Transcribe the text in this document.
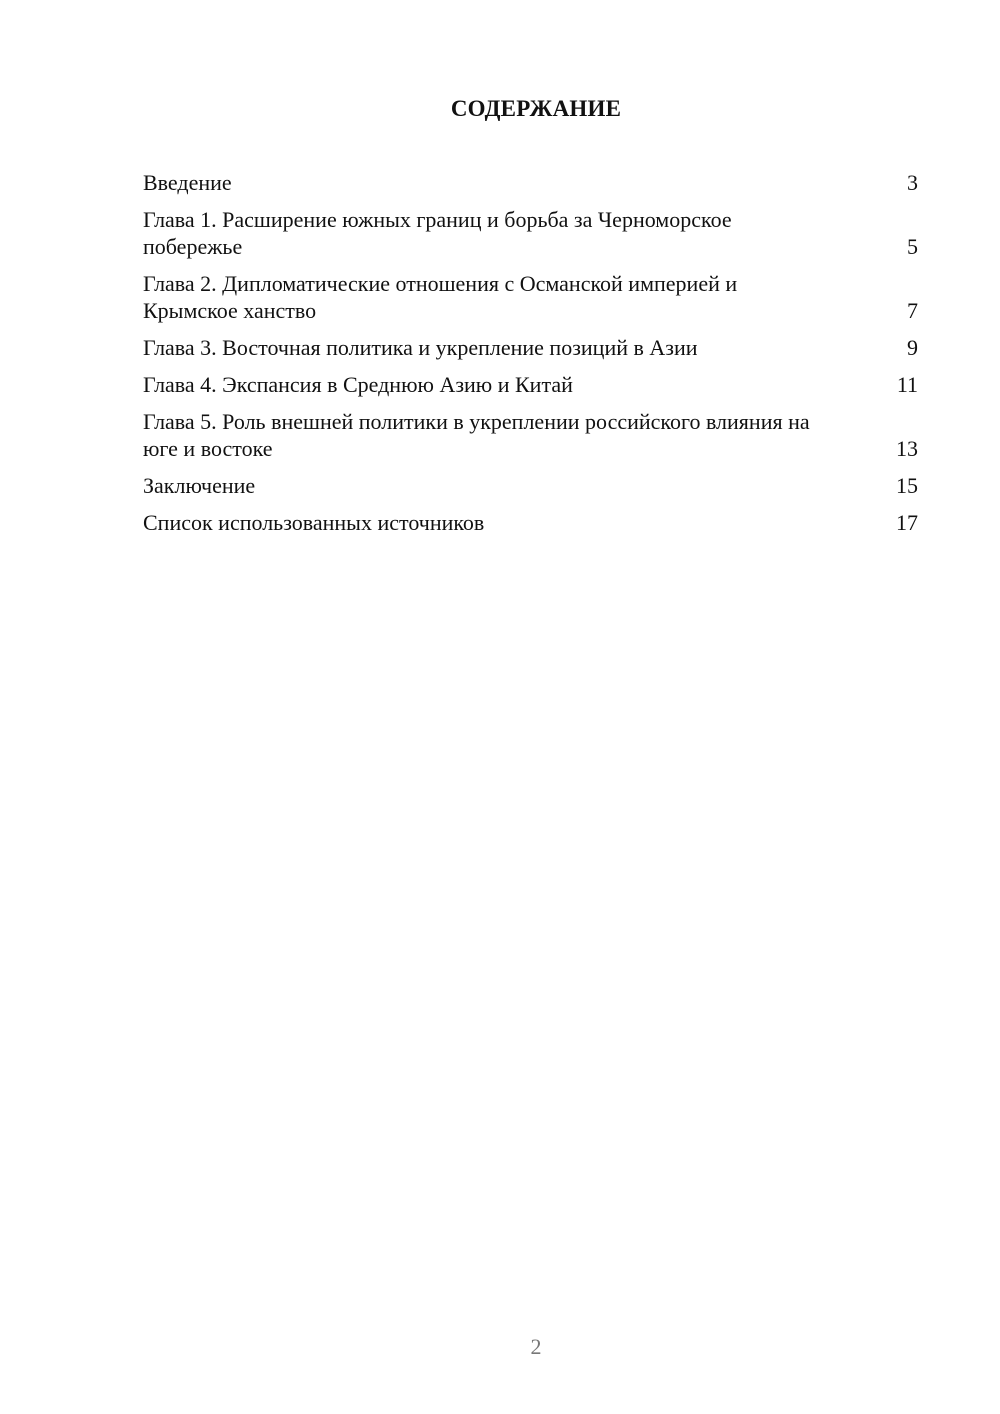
СОДЕРЖАНИЕ
Введение	3
Глава 1. Расширение южных границ и борьба за Черноморское побережье	5
Глава 2. Дипломатические отношения с Османской империей и Крымское ханство	7
Глава 3. Восточная политика и укрепление позиций в Азии	9
Глава 4. Экспансия в Среднюю Азию и Китай	11
Глава 5. Роль внешней политики в укреплении российского влияния на юге и востоке	13
Заключение	15
Список использованных источников	17
2
